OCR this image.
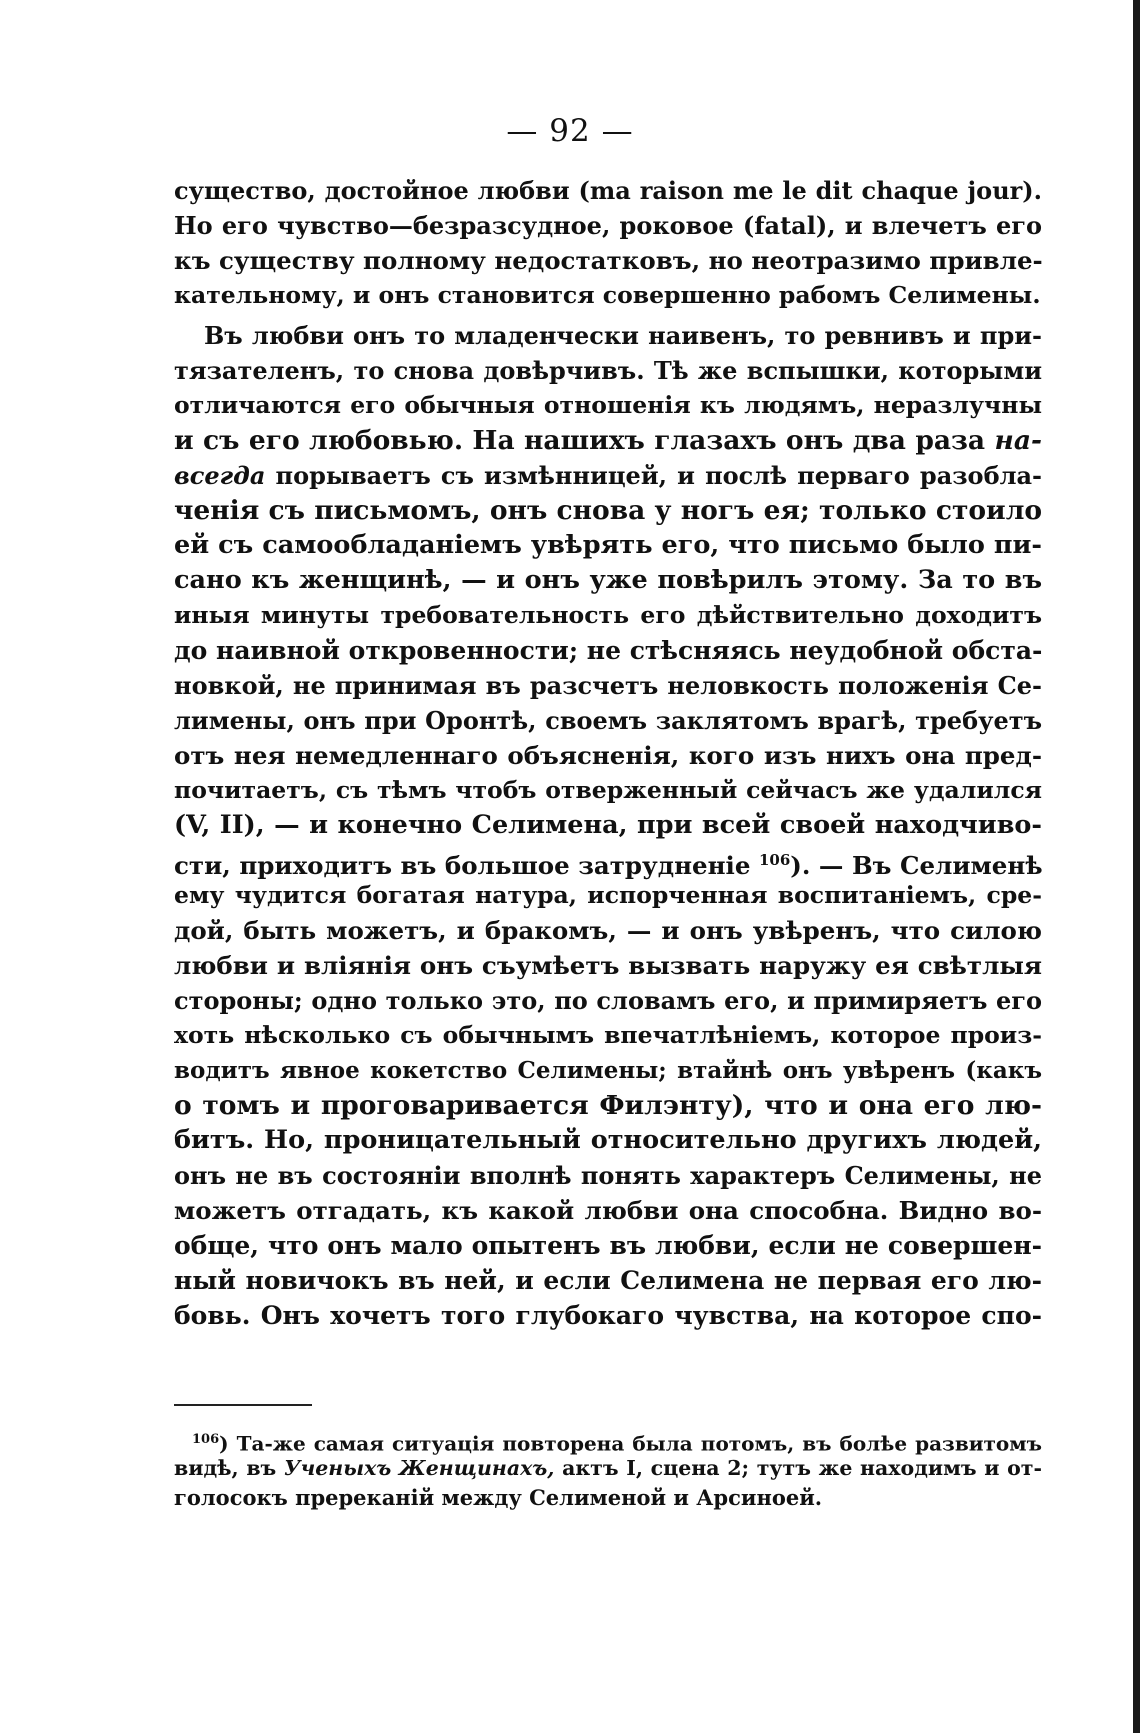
— 92 —
существо, достойное любви (ma raison me le dit chaque jour).
Но его чувство—безразсудное, роковое (fatal), и влечетъ его
къ существу полному недостатковъ, но неотразимо привле-
кательному, и онъ становится совершенно рабомъ Селимены.
Въ любви онъ то младенчески наивенъ, то ревнивъ и при-
тязателенъ, то снова довѣрчивъ. Тѣ же вспышки, которыми
отличаются его обычныя отношенія къ людямъ, неразлучны
и съ его любовью. На нашихъ глазахъ онъ два раза на-
всегда порываетъ съ измѣнницей, и послѣ перваго разобла-
ченія съ письмомъ, онъ снова у ногъ ея; только стоило
ей съ самообладаніемъ увѣрять его, что письмо было пи-
сано къ женщинѣ, — и онъ уже повѣрилъ этому. За то въ
иныя минуты требовательность его дѣйствительно доходитъ
до наивной откровенности; не стѣсняясь неудобной обста-
новкой, не принимая въ разсчетъ неловкость положенія Се-
лимены, онъ при Оронтѣ, своемъ заклятомъ врагѣ, требуетъ
отъ нея немедленнаго объясненія, кого изъ нихъ она пред-
почитаетъ, съ тѣмъ чтобъ отверженный сейчасъ же удалился
(V, II), — и конечно Селимена, при всей своей находчиво-
сти, приходитъ въ большое затрудненіе $^{106}$). — Въ Селименѣ
ему чудится богатая натура, испорченная воспитаніемъ, сре-
дой, быть можетъ, и бракомъ, — и онъ увѣренъ, что силою
любви и вліянія онъ съумѣетъ вызвать наружу ея свѣтлыя
стороны; одно только это, по словамъ его, и примиряетъ его
хоть нѣсколько съ обычнымъ впечатлѣніемъ, которое произ-
водитъ явное кокетство Селимены; втайнѣ онъ увѣренъ (какъ
о томъ и проговаривается Филэнту), что и она его лю-
битъ. Но, проницательный относительно другихъ людей,
онъ не въ состояніи вполнѣ понять характеръ Селимены, не
можетъ отгадать, къ какой любви она способна. Видно во-
обще, что онъ мало опытенъ въ любви, если не совершен-
ный новичокъ въ ней, и если Селимена не первая его лю-
бовь. Онъ хочетъ того глубокаго чувства, на которое спо-
$^{106}$) Та-же самая ситуація повторена была потомъ, въ болѣе развитомъ
видѣ, въ Ученыхъ Женщинахъ, актъ I, сцена 2; тутъ же находимъ и от-
голосокъ пререканій между Селименой и Арсиноей.
